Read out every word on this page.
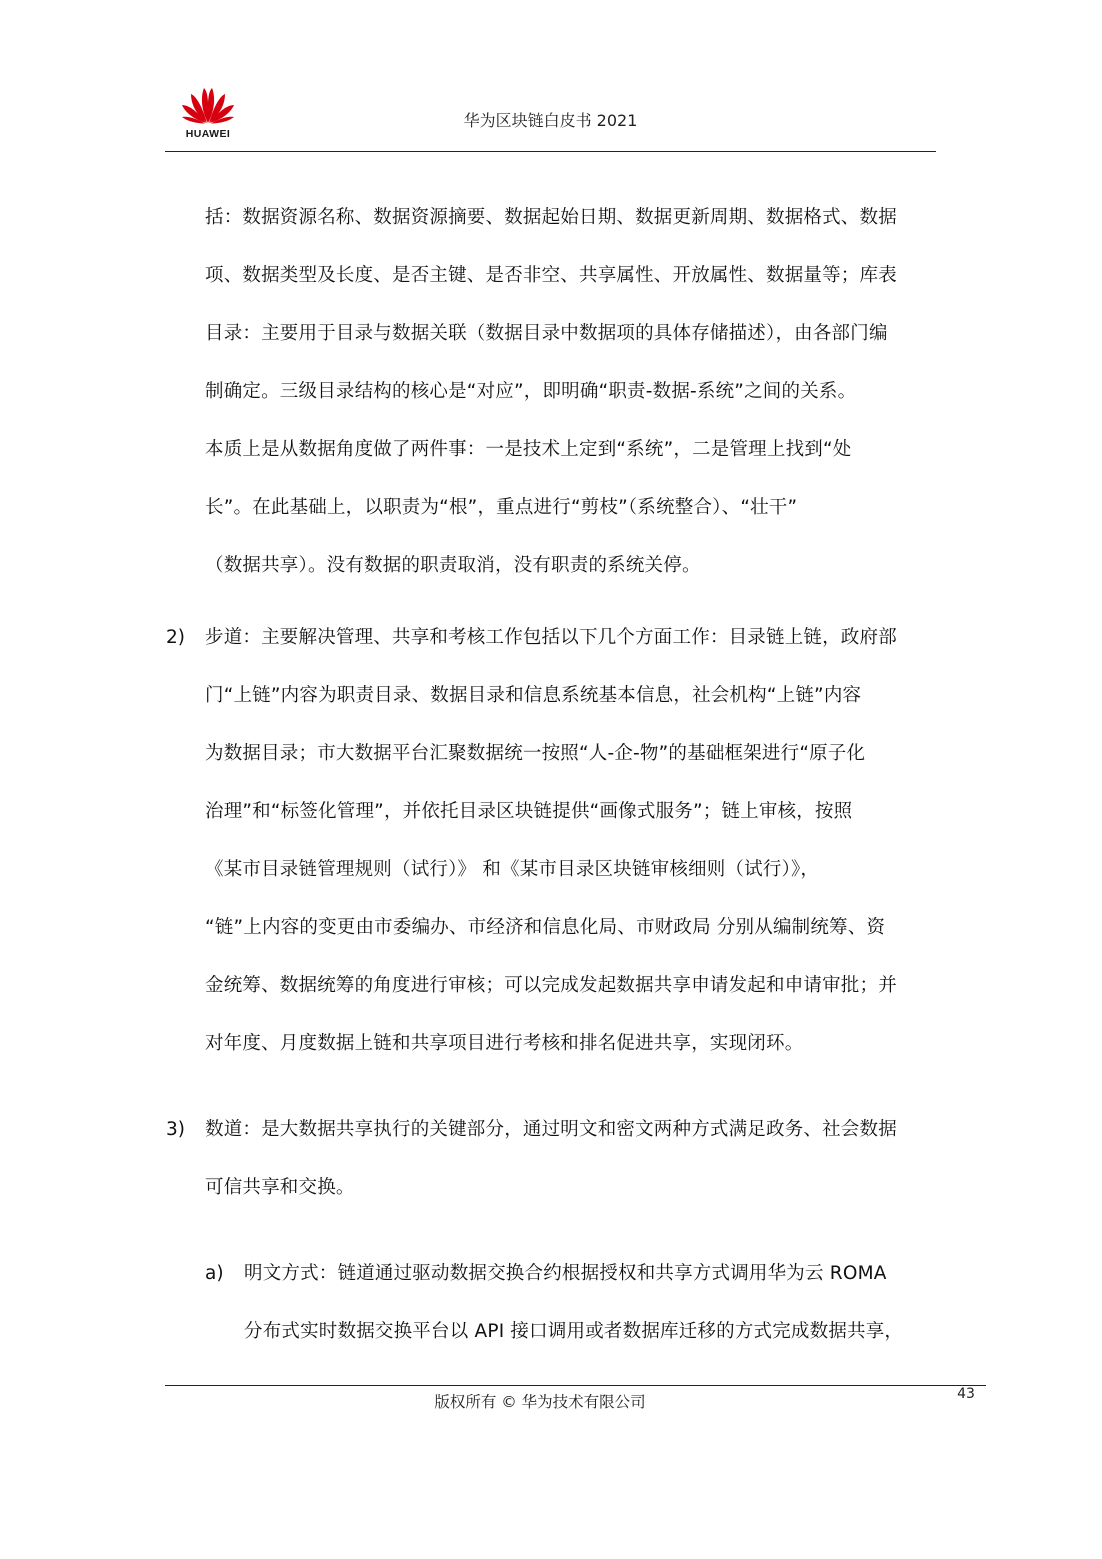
HUAWEI
华为区块链白皮书 2021
括：数据资源名称、数据资源摘要、数据起始日期、数据更新周期、数据格式、数据
项、数据类型及长度、是否主键、是否非空、共享属性、开放属性、数据量等；库表
目录：主要用于目录与数据关联（数据目录中数据项的具体存储描述），由各部门编
制确定。三级目录结构的核心是“对应”，即明确“职责-数据-系统”之间的关系。
本质上是从数据角度做了两件事：一是技术上定到“系统”，二是管理上找到“处
长”。在此基础上，以职责为“根”，重点进行“剪枝”（系统整合）、“壮干”
（数据共享）。没有数据的职责取消，没有职责的系统关停。
2) 步道：主要解决管理、共享和考核工作包括以下几个方面工作：目录链上链，政府部
门“上链”内容为职责目录、数据目录和信息系统基本信息，社会机构“上链”内容
为数据目录；市大数据平台汇聚数据统一按照“人-企-物”的基础框架进行“原子化
治理”和“标签化管理”，并依托目录区块链提供“画像式服务”；链上审核，按照
《某市目录链管理规则（试行）》 和《某市目录区块链审核细则（试行）》，
“链”上内容的变更由市委编办、市经济和信息化局、市财政局 分别从编制统筹、资
金统筹、数据统筹的角度进行审核；可以完成发起数据共享申请发起和申请审批；并
对年度、月度数据上链和共享项目进行考核和排名促进共享，实现闭环。
3) 数道：是大数据共享执行的关键部分，通过明文和密文两种方式满足政务、社会数据
可信共享和交换。
a) 明文方式：链道通过驱动数据交换合约根据授权和共享方式调用华为云 ROMA
分布式实时数据交换平台以 API 接口调用或者数据库迁移的方式完成数据共享，
版权所有 © 华为技术有限公司	43
